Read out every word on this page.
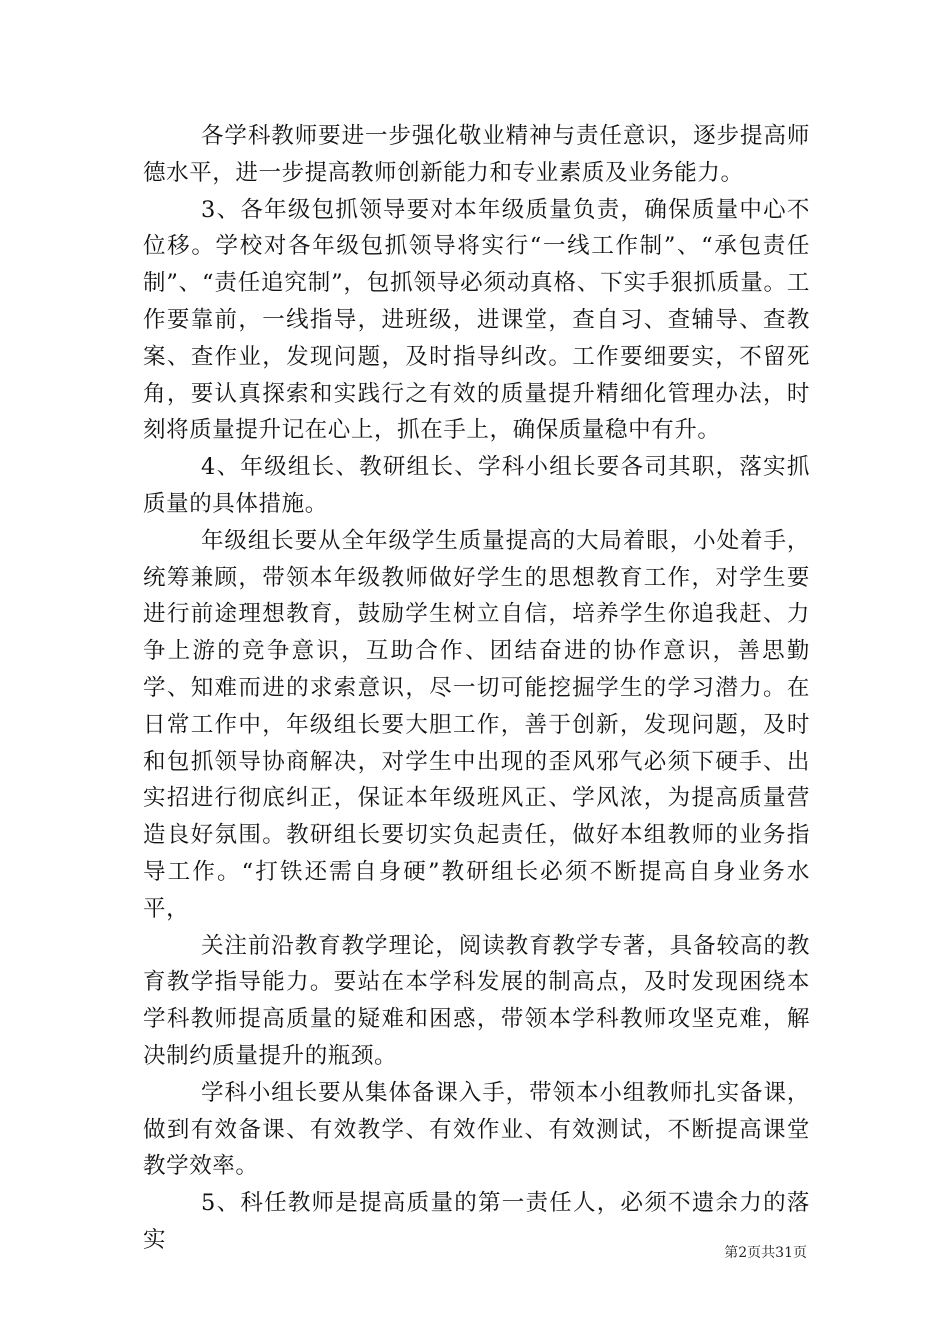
各学科教师要进一步强化敬业精神与责任意识，逐步提高师德水平，进一步提高教师创新能力和专业素质及业务能力。

3、各年级包抓领导要对本年级质量负责，确保质量中心不位移。学校对各年级包抓领导将实行“一线工作制”、“承包责任制”、“责任追究制”，包抓领导必须动真格、下实手狠抓质量。工作要靠前，一线指导，进班级，进课堂，查自习、查辅导、查教案、查作业，发现问题，及时指导纠改。工作要细要实，不留死角，要认真探索和实践行之有效的质量提升精细化管理办法，时刻将质量提升记在心上，抓在手上，确保质量稳中有升。

4、年级组长、教研组长、学科小组长要各司其职，落实抓质量的具体措施。

年级组长要从全年级学生质量提高的大局着眼，小处着手，统筹兼顾，带领本年级教师做好学生的思想教育工作，对学生要进行前途理想教育，鼓励学生树立自信，培养学生你追我赶、力争上游的竞争意识，互助合作、团结奋进的协作意识，善思勤学、知难而进的求索意识，尽一切可能挖掘学生的学习潜力。在日常工作中，年级组长要大胆工作，善于创新，发现问题，及时和包抓领导协商解决，对学生中出现的歪风邪气必须下硬手、出实招进行彻底纠正，保证本年级班风正、学风浓，为提高质量营造良好氛围。教研组长要切实负起责任，做好本组教师的业务指导工作。“打铁还需自身硬”教研组长必须不断提高自身业务水平，

关注前沿教育教学理论，阅读教育教学专著，具备较高的教育教学指导能力。要站在本学科发展的制高点，及时发现困绕本学科教师提高质量的疑难和困惑，带领本学科教师攻坚克难，解决制约质量提升的瓶颈。

学科小组长要从集体备课入手，带领本小组教师扎实备课，做到有效备课、有效教学、有效作业、有效测试，不断提高课堂教学效率。

5、科任教师是提高质量的第一责任人，必须不遗余力的落实

第2页共31页
